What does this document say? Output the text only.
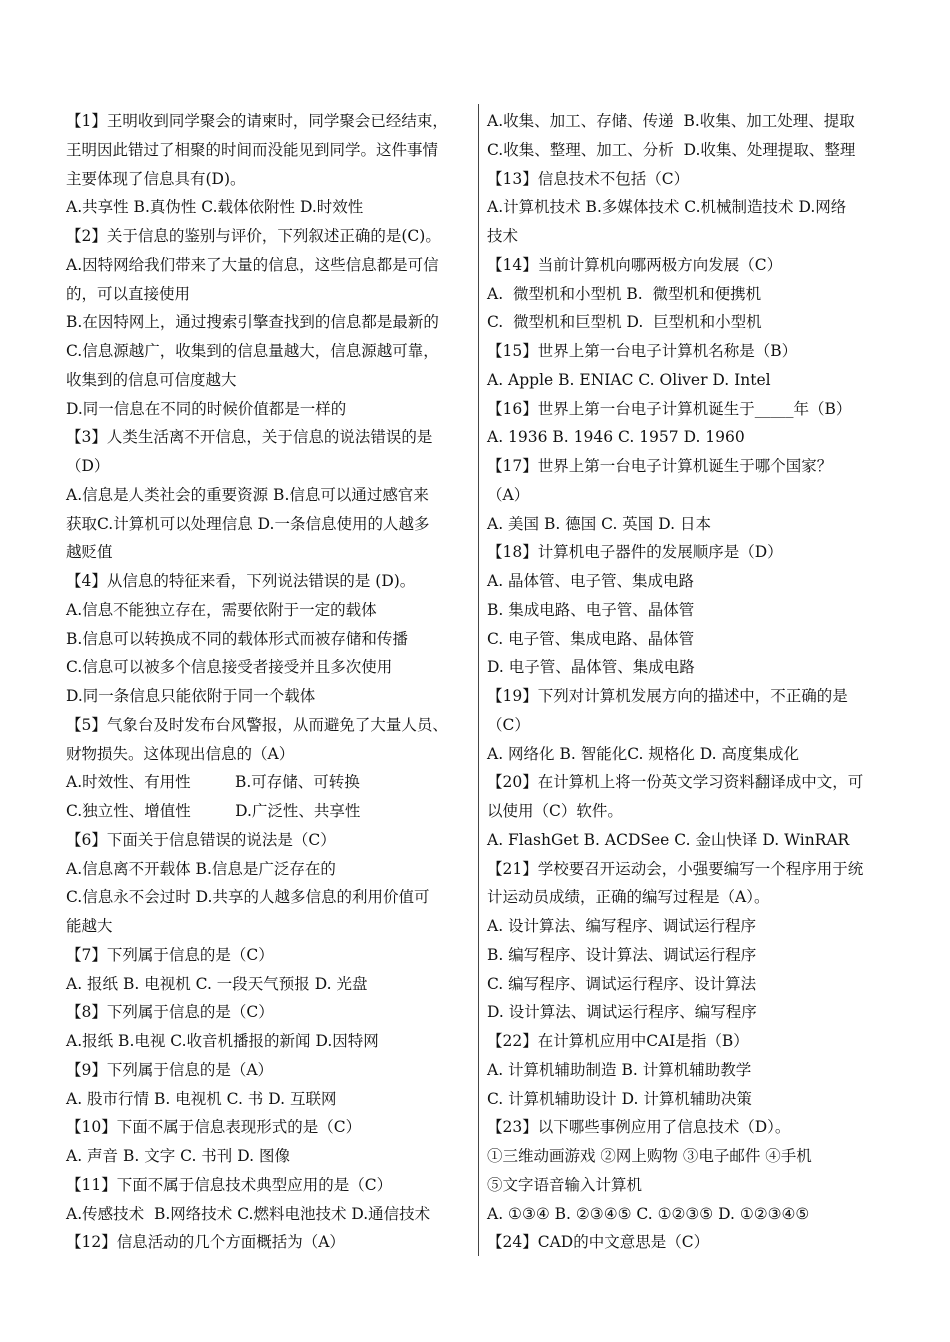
【1】王明收到同学聚会的请柬时，同学聚会已经结束，
王明因此错过了相聚的时间而没能见到同学。这件事情
主要体现了信息具有(D)。
A.共享性 B.真伪性 C.载体依附性 D.时效性
【2】关于信息的鉴别与评价，下列叙述正确的是(C)。
A.因特网给我们带来了大量的信息，这些信息都是可信
的，可以直接使用
B.在因特网上，通过搜索引擎查找到的信息都是最新的
C.信息源越广，收集到的信息量越大，信息源越可靠，
收集到的信息可信度越大
D.同一信息在不同的时候价值都是一样的
【3】人类生活离不开信息，关于信息的说法错误的是
（D）
A.信息是人类社会的重要资源 B.信息可以通过感官来
获取C.计算机可以处理信息 D.一条信息使用的人越多
越贬值
【4】从信息的特征来看，下列说法错误的是 (D)。
A.信息不能独立存在，需要依附于一定的载体
B.信息可以转换成不同的载体形式而被存储和传播
C.信息可以被多个信息接受者接受并且多次使用
D.同一条信息只能依附于同一个载体
【5】气象台及时发布台风警报，从而避免了大量人员、
财物损失。这体现出信息的（A）
A.时效性、有用性         B.可存储、可转换
C.独立性、增值性         D.广泛性、共享性
【6】下面关于信息错误的说法是（C）
A.信息离不开载体 B.信息是广泛存在的
C.信息永不会过时 D.共享的人越多信息的利用价值可
能越大
【7】下列属于信息的是（C）
A. 报纸 B. 电视机 C. 一段天气预报 D. 光盘
【8】下列属于信息的是（C）
A.报纸 B.电视 C.收音机播报的新闻 D.因特网
【9】下列属于信息的是（A）
A. 股市行情 B. 电视机 C. 书 D. 互联网
【10】下面不属于信息表现形式的是（C）
A. 声音 B. 文字 C. 书刊 D. 图像
【11】下面不属于信息技术典型应用的是（C）
A.传感技术  B.网络技术 C.燃料电池技术 D.通信技术
【12】信息活动的几个方面概括为（A）
A.收集、加工、存储、传递  B.收集、加工处理、提取
C.收集、整理、加工、分析  D.收集、处理提取、整理
【13】信息技术不包括（C）
A.计算机技术 B.多媒体技术 C.机械制造技术 D.网络
技术
【14】当前计算机向哪两极方向发展（C）
A.  微型机和小型机 B.  微型机和便携机
C.  微型机和巨型机 D.  巨型机和小型机
【15】世界上第一台电子计算机名称是（B）
A. Apple B. ENIAC C. Oliver D. Intel
【16】世界上第一台电子计算机诞生于_____年（B）
A. 1936 B. 1946 C. 1957 D. 1960
【17】世界上第一台电子计算机诞生于哪个国家？
（A）
A. 美国 B. 德国 C. 英国 D. 日本
【18】计算机电子器件的发展顺序是（D）
A. 晶体管、电子管、集成电路
B. 集成电路、电子管、晶体管
C. 电子管、集成电路、晶体管
D. 电子管、晶体管、集成电路
【19】下列对计算机发展方向的描述中，不正确的是
（C）
A. 网络化 B. 智能化C. 规格化 D. 高度集成化
【20】在计算机上将一份英文学习资料翻译成中文，可
以使用（C）软件。
A. FlashGet B. ACDSee C. 金山快译 D. WinRAR
【21】学校要召开运动会，小强要编写一个程序用于统
计运动员成绩，正确的编写过程是（A）。
A. 设计算法、编写程序、调试运行程序
B. 编写程序、设计算法、调试运行程序
C. 编写程序、调试运行程序、设计算法
D. 设计算法、调试运行程序、编写程序
【22】在计算机应用中CAI是指（B）
A. 计算机辅助制造 B. 计算机辅助教学
C. 计算机辅助设计 D. 计算机辅助决策
【23】以下哪些事例应用了信息技术（D）。
①三维动画游戏 ②网上购物 ③电子邮件 ④手机
⑤文字语音输入计算机
A. ①③④ B. ②③④⑤ C. ①②③⑤ D. ①②③④⑤
【24】CAD的中文意思是（C）
